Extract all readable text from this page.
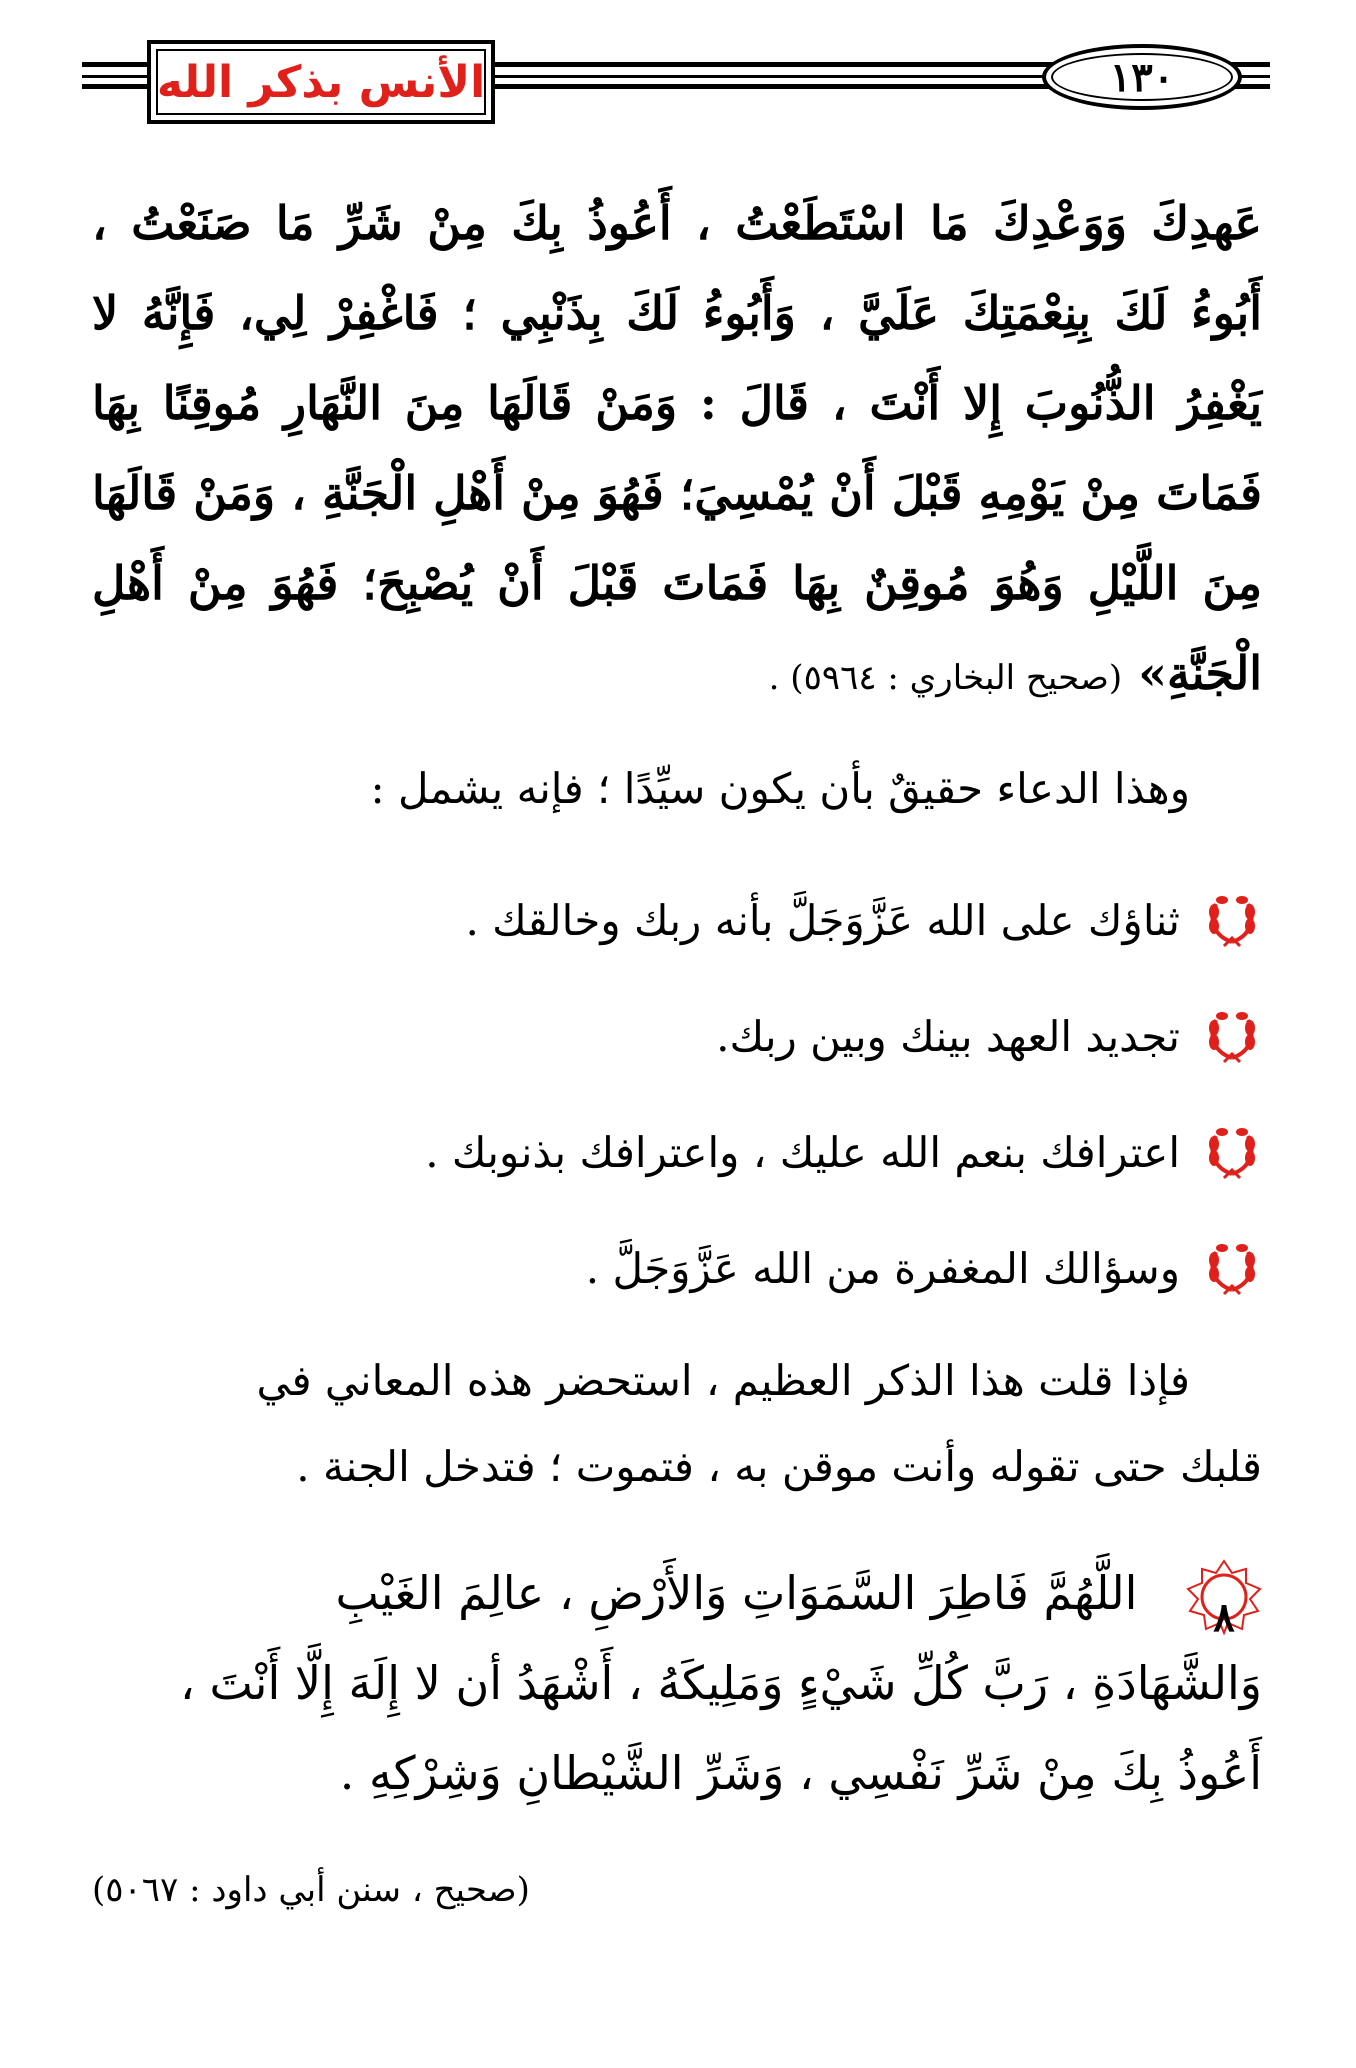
الأنس بذكر الله	١٣٠

عَهدِكَ وَوَعْدِكَ مَا اسْتَطَعْتُ ، أَعُوذُ بِكَ مِنْ شَرِّ مَا صَنَعْتُ ،

أَبُوءُ لَكَ بِنِعْمَتِكَ عَلَيَّ ، وَأَبُوءُ لَكَ بِذَنْبِي ؛ فَاغْفِرْ لِي، فَإِنَّهُ لا

يَغْفِرُ الذُّنُوبَ إِلا أَنْتَ ، قَالَ : وَمَنْ قَالَهَا مِنَ النَّهَارِ مُوقِنًا بِهَا

فَمَاتَ مِنْ يَوْمِهِ قَبْلَ أَنْ يُمْسِيَ؛ فَهُوَ مِنْ أَهْلِ الْجَنَّةِ ، وَمَنْ قَالَهَا

مِنَ اللَّيْلِ وَهُوَ مُوقِنٌ بِهَا فَمَاتَ قَبْلَ أَنْ يُصْبِحَ؛ فَهُوَ مِنْ أَهْلِ

الْجَنَّةِ» (صحيح البخاري : ٥٩٦٤) .

وهذا الدعاء حقيقٌ بأن يكون سيِّدًا ؛ فإنه يشمل :

ثناؤك على الله عَزَّوَجَلَّ بأنه ربك وخالقك .
تجديد العهد بينك وبين ربك.
اعترافك بنعم الله عليك ، واعترافك بذنوبك .
وسؤالك المغفرة من الله عَزَّوَجَلَّ .

فإذا قلت هذا الذكر العظيم ، استحضر هذه المعاني في

قلبك حتى تقوله وأنت موقن به ، فتموت ؛ فتدخل الجنة .

٨
اللَّهُمَّ فَاطِرَ السَّمَوَاتِ وَالأَرْضِ ، عالِمَ الغَيْبِ

وَالشَّهَادَةِ ، رَبَّ كُلِّ شَيْءٍ وَمَلِيكَهُ ، أَشْهَدُ أن لا إِلَهَ إِلَّا أَنْتَ ،

أَعُوذُ بِكَ مِنْ شَرِّ نَفْسِي ، وَشَرِّ الشَّيْطانِ وَشِرْكِهِ .

(صحيح ، سنن أبي داود : ٥٠٦٧)
